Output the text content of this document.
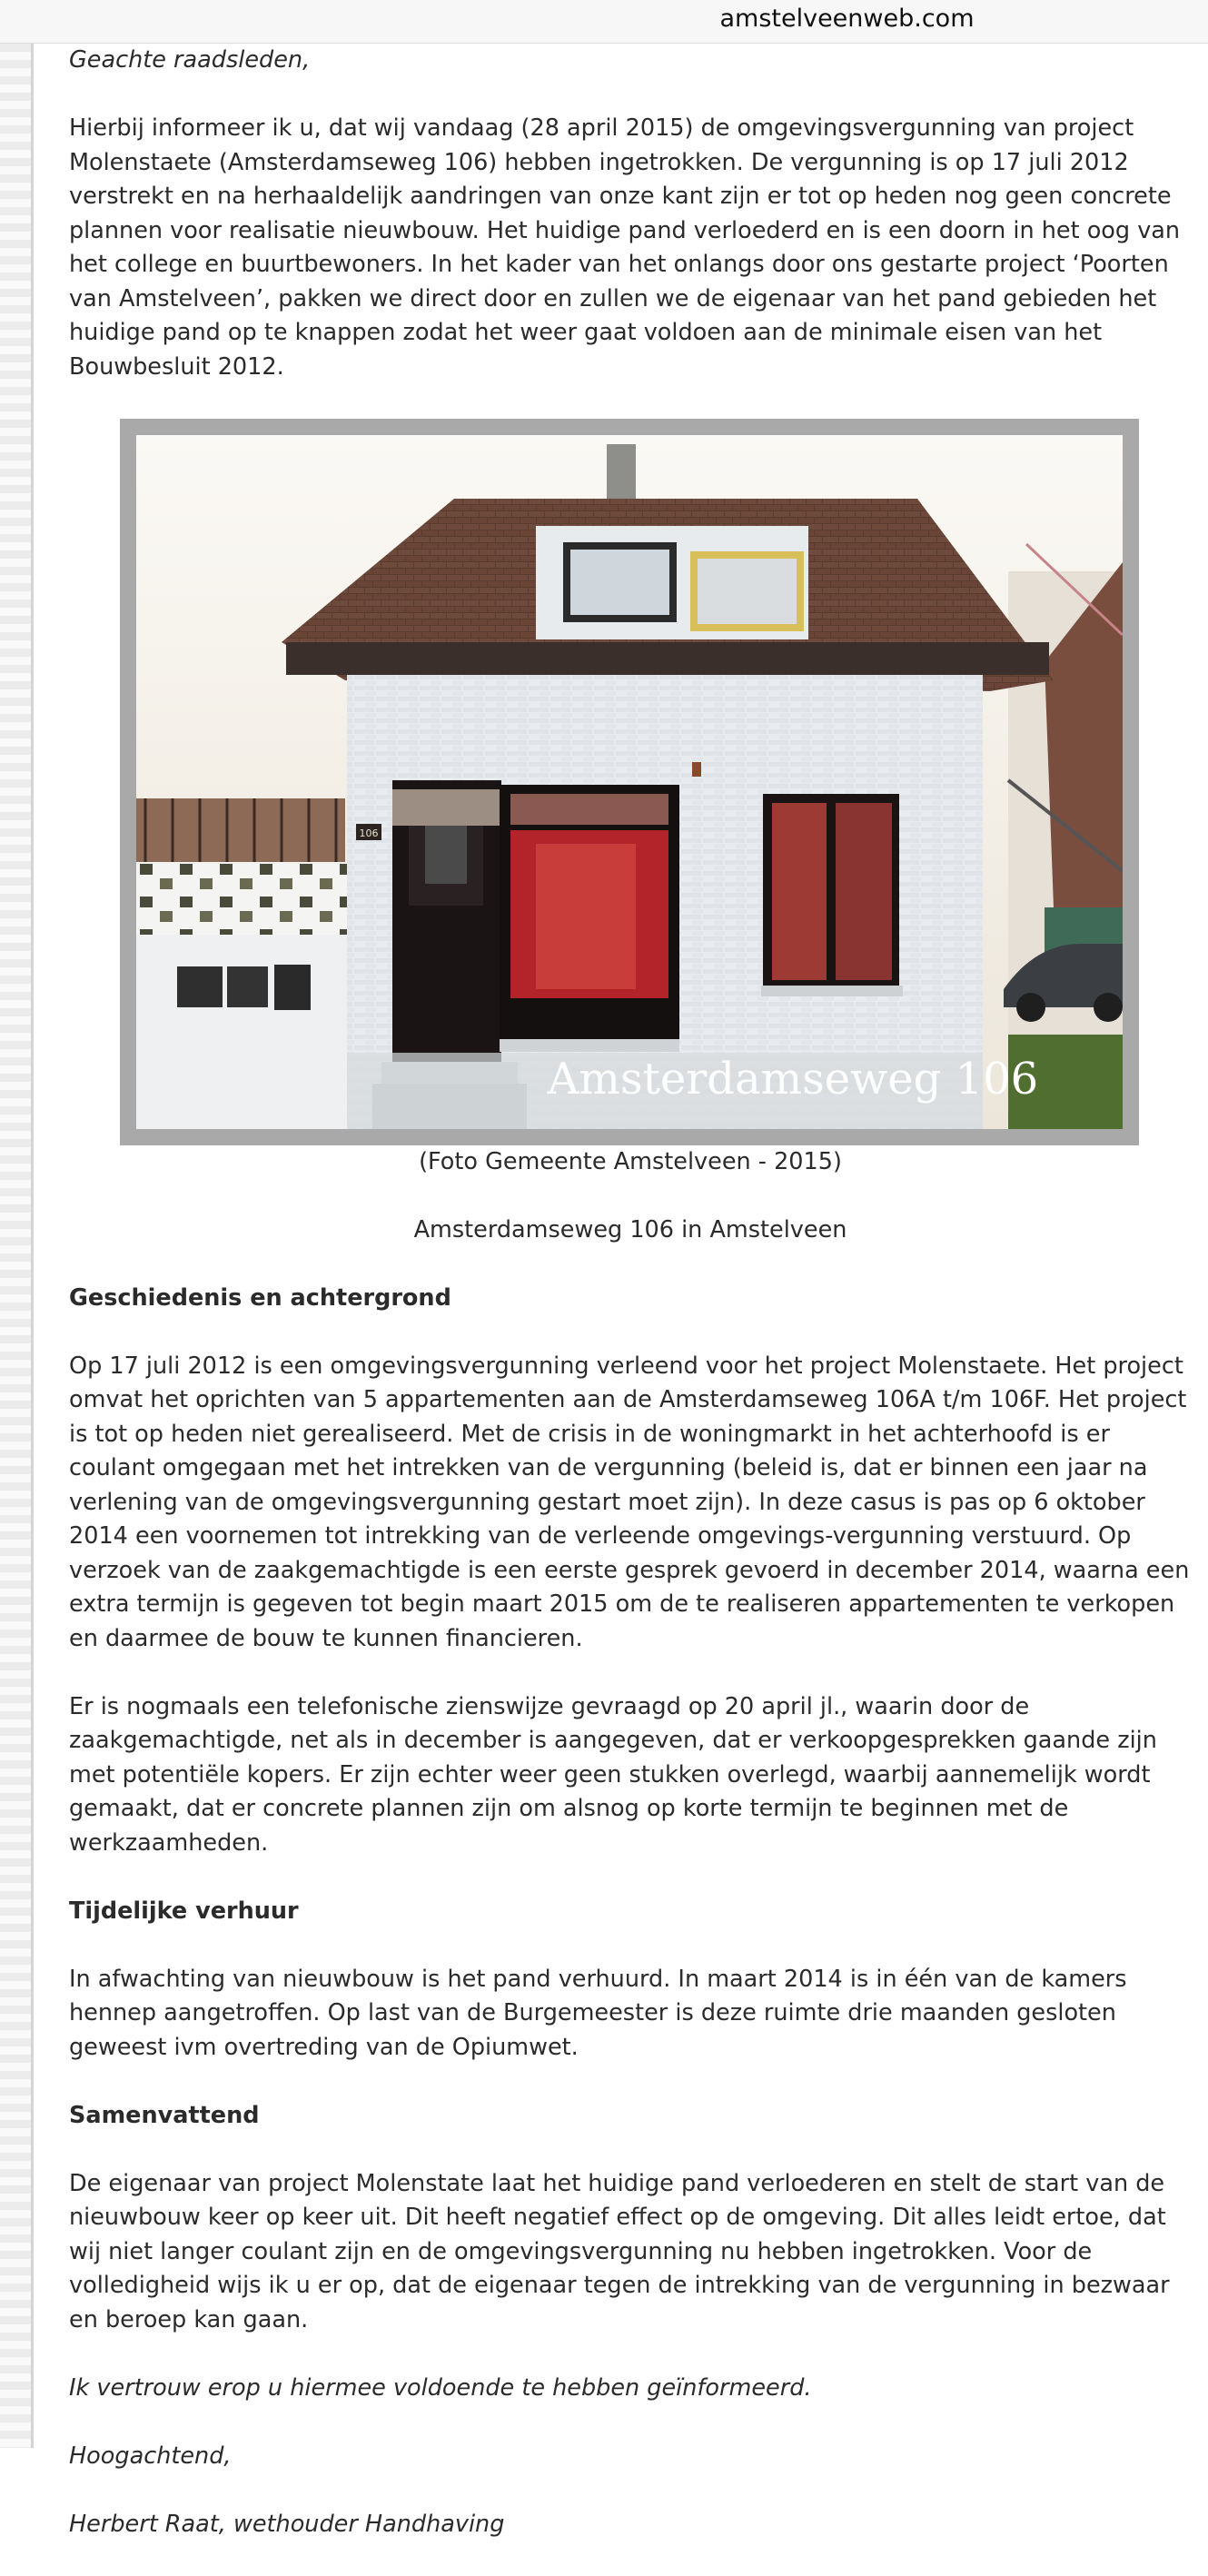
amstelveenweb.com

Geachte raadsleden,

Hierbij informeer ik u, dat wij vandaag (28 april 2015) de omgevingsvergunning van project Molenstaete (Amsterdamseweg 106) hebben ingetrokken. De vergunning is op 17 juli 2012 verstrekt en na herhaaldelijk aandringen van onze kant zijn er tot op heden nog geen concrete plannen voor realisatie nieuwbouw. Het huidige pand verloederd en is een doorn in het oog van het college en buurtbewoners. In het kader van het onlangs door ons gestarte project ‘Poorten van Amstelveen’, pakken we direct door en zullen we de eigenaar van het pand gebieden het huidige pand op te knappen zodat het weer gaat voldoen aan de minimale eisen van het Bouwbesluit 2012.

106
Amsterdamseweg 106

(Foto Gemeente Amstelveen - 2015)

Amsterdamseweg 106 in Amstelveen

Geschiedenis en achtergrond

Op 17 juli 2012 is een omgevingsvergunning verleend voor het project Molenstaete. Het project omvat het oprichten van 5 appartementen aan de Amsterdamseweg 106A t/m 106F. Het project is tot op heden niet gerealiseerd. Met de crisis in de woningmarkt in het achterhoofd is er coulant omgegaan met het intrekken van de vergunning (beleid is, dat er binnen een jaar na verlening van de omgevingsvergunning gestart moet zijn). In deze casus is pas op 6 oktober 2014 een voornemen tot intrekking van de verleende omgevings-vergunning verstuurd. Op verzoek van de zaakgemachtigde is een eerste gesprek gevoerd in december 2014, waarna een extra termijn is gegeven tot begin maart 2015 om de te realiseren appartementen te verkopen en daarmee de bouw te kunnen financieren.

Er is nogmaals een telefonische zienswijze gevraagd op 20 april jl., waarin door de zaakgemachtigde, net als in december is aangegeven, dat er verkoopgesprekken gaande zijn met potentiële kopers. Er zijn echter weer geen stukken overlegd, waarbij aannemelijk wordt gemaakt, dat er concrete plannen zijn om alsnog op korte termijn te beginnen met de werkzaamheden.

Tijdelijke verhuur

In afwachting van nieuwbouw is het pand verhuurd. In maart 2014 is in één van de kamers hennep aangetroffen. Op last van de Burgemeester is deze ruimte drie maanden gesloten geweest ivm overtreding van de Opiumwet.

Samenvattend

De eigenaar van project Molenstate laat het huidige pand verloederen en stelt de start van de nieuwbouw keer op keer uit. Dit heeft negatief effect op de omgeving. Dit alles leidt ertoe, dat wij niet langer coulant zijn en de omgevingsvergunning nu hebben ingetrokken. Voor de volledigheid wijs ik u er op, dat de eigenaar tegen de intrekking van de vergunning in bezwaar en beroep kan gaan.

Ik vertrouw erop u hiermee voldoende te hebben geïnformeerd.

Hoogachtend,

Herbert Raat, wethouder Handhaving
